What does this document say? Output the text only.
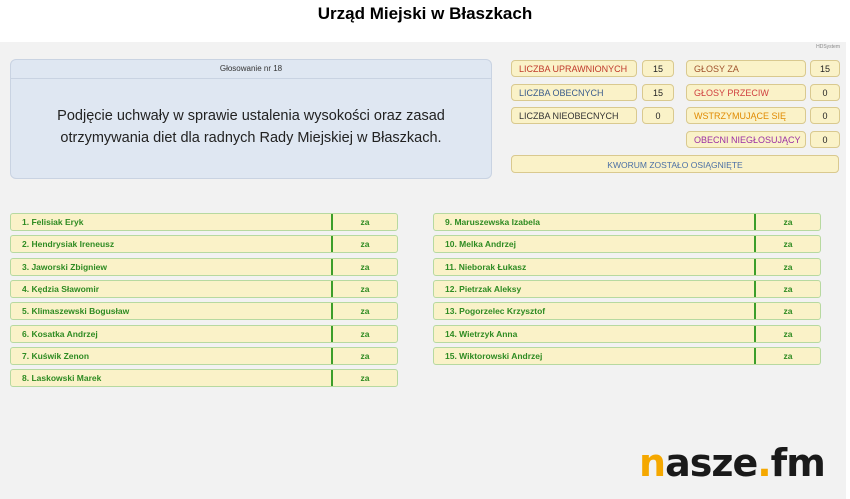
Urząd Miejski w Błaszkach
HDSystem
Głosowanie nr 18
Podjęcie uchwały w sprawie ustalenia wysokości oraz zasad otrzymywania diet dla radnych Rady Miejskiej w Błaszkach.
LICZBA UPRAWNIONYCH	15
LICZBA OBECNYCH	15
LICZBA NIEOBECNYCH	0
GŁOSY ZA	15
GŁOSY PRZECIW	0
WSTRZYMUJĄCE SIĘ	0
OBECNI NIEGŁOSUJĄCY	0
KWORUM ZOSTAŁO OSIĄGNIĘTE
1. Felisiak Eryk	za
2. Hendrysiak Ireneusz	za
3. Jaworski Zbigniew	za
4. Kędzia Sławomir	za
5. Klimaszewski Bogusław	za
6. Kosatka Andrzej	za
7. Kuświk Zenon	za
8. Laskowski Marek	za
9. Maruszewska Izabela	za
10. Melka Andrzej	za
11. Nieborak Łukasz	za
12. Pietrzak Aleksy	za
13. Pogorzelec Krzysztof	za
14. Wietrzyk Anna	za
15. Wiktorowski Andrzej	za
nasze.fm
